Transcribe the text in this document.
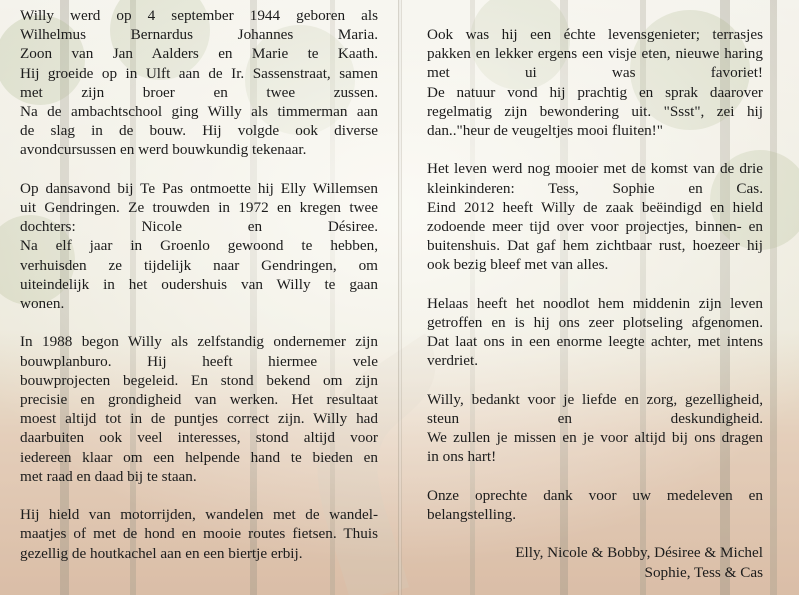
Willy werd op 4 september 1944 geboren als
Wilhelmus Bernardus Johannes Maria.
Zoon van Jan Aalders en Marie te Kaath.
Hij groeide op in Ulft aan de Ir. Sassenstraat, samen
met zijn broer en twee zussen.
Na de ambachtschool ging Willy als timmerman aan
de slag in de bouw. Hij volgde ook diverse
avondcursussen en werd bouwkundig tekenaar.

Op dansavond bij Te Pas ontmoette hij Elly Willemsen
uit Gendringen. Ze trouwden in 1972 en kregen twee
dochters: Nicole en Désiree.
Na elf jaar in Groenlo gewoond te hebben,
verhuisden ze tijdelijk naar Gendringen, om
uiteindelijk in het oudershuis van Willy te gaan
wonen.

In 1988 begon Willy als zelfstandig ondernemer zijn
bouwplanburo. Hij heeft hiermee vele
bouwprojecten begeleid. En stond bekend om zijn
precisie en grondigheid van werken. Het resultaat
moest altijd tot in de puntjes correct zijn. Willy had
daarbuiten ook veel interesses, stond altijd voor
iedereen klaar om een helpende hand te bieden en
met raad en daad bij te staan.

Hij hield van motorrijden, wandelen met de wandel-
maatjes of met de hond en mooie routes fietsen. Thuis
gezellig de houtkachel aan en een biertje erbij.

Ook was hij een échte levensgenieter; terrasjes
pakken en lekker ergens een visje eten, nieuwe haring
met ui was favoriet!
De natuur vond hij prachtig en sprak daarover
regelmatig zijn bewondering uit. "Ssst", zei hij
dan.."heur de veugeltjes mooi fluiten!"

Het leven werd nog mooier met de komst van de drie
kleinkinderen: Tess, Sophie en Cas.
Eind 2012 heeft Willy de zaak beëindigd en hield
zodoende meer tijd over voor projectjes, binnen- en
buitenshuis. Dat gaf hem zichtbaar rust, hoezeer hij
ook bezig bleef met van alles.

Helaas heeft het noodlot hem middenin zijn leven
getroffen en is hij ons zeer plotseling afgenomen.
Dat laat ons in een enorme leegte achter, met intens
verdriet.

Willy, bedankt voor je liefde en zorg, gezelligheid,
steun en deskundigheid.
We zullen je missen en je voor altijd bij ons dragen
in ons hart!

Onze oprechte dank voor uw medeleven en
belangstelling.

Elly, Nicole & Bobby, Désiree & Michel
Sophie, Tess & Cas
